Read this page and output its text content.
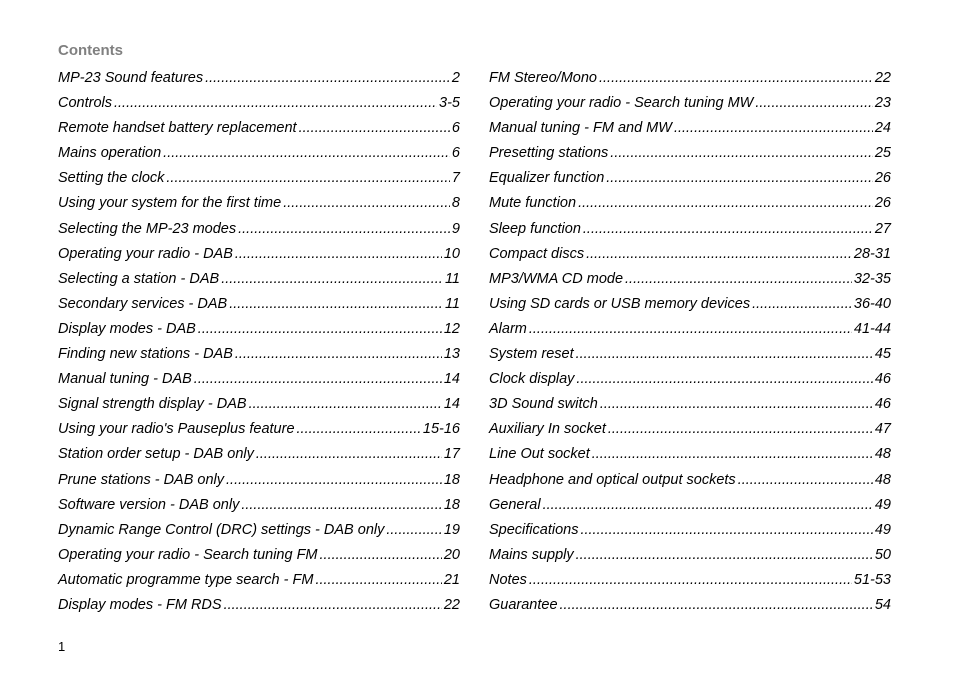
Contents
MP-23 Sound features .....	2
Controls .....	3-5
Remote handset battery replacement .....	6
Mains operation .....	6
Setting the clock .....	7
Using your system for the first time .....	8
Selecting the MP-23 modes .....	9
Operating your radio - DAB .....	10
Selecting a station - DAB .....	11
Secondary services - DAB .....	11
Display modes - DAB .....	12
Finding new stations - DAB .....	13
Manual tuning - DAB .....	14
Signal strength display - DAB .....	14
Using your radio's Pauseplus feature .....	15-16
Station order setup - DAB only .....	17
Prune stations - DAB only .....	18
Software version - DAB only .....	18
Dynamic Range Control (DRC) settings - DAB only .....	19
Operating your radio - Search tuning FM .....	20
Automatic programme type search - FM .....	21
Display modes - FM RDS .....	22
FM Stereo/Mono .....	22
Operating your radio - Search tuning MW .....	23
Manual tuning - FM and MW .....	24
Presetting stations .....	25
Equalizer function .....	26
Mute function .....	26
Sleep function .....	27
Compact discs .....	28-31
MP3/WMA CD mode .....	32-35
Using SD cards or USB memory devices .....	36-40
Alarm .....	41-44
System reset .....	45
Clock display .....	46
3D Sound switch .....	46
Auxiliary In socket .....	47
Line Out socket .....	48
Headphone and optical output sockets .....	48
General .....	49
Specifications .....	49
Mains supply .....	50
Notes .....	51-53
Guarantee .....	54
1
